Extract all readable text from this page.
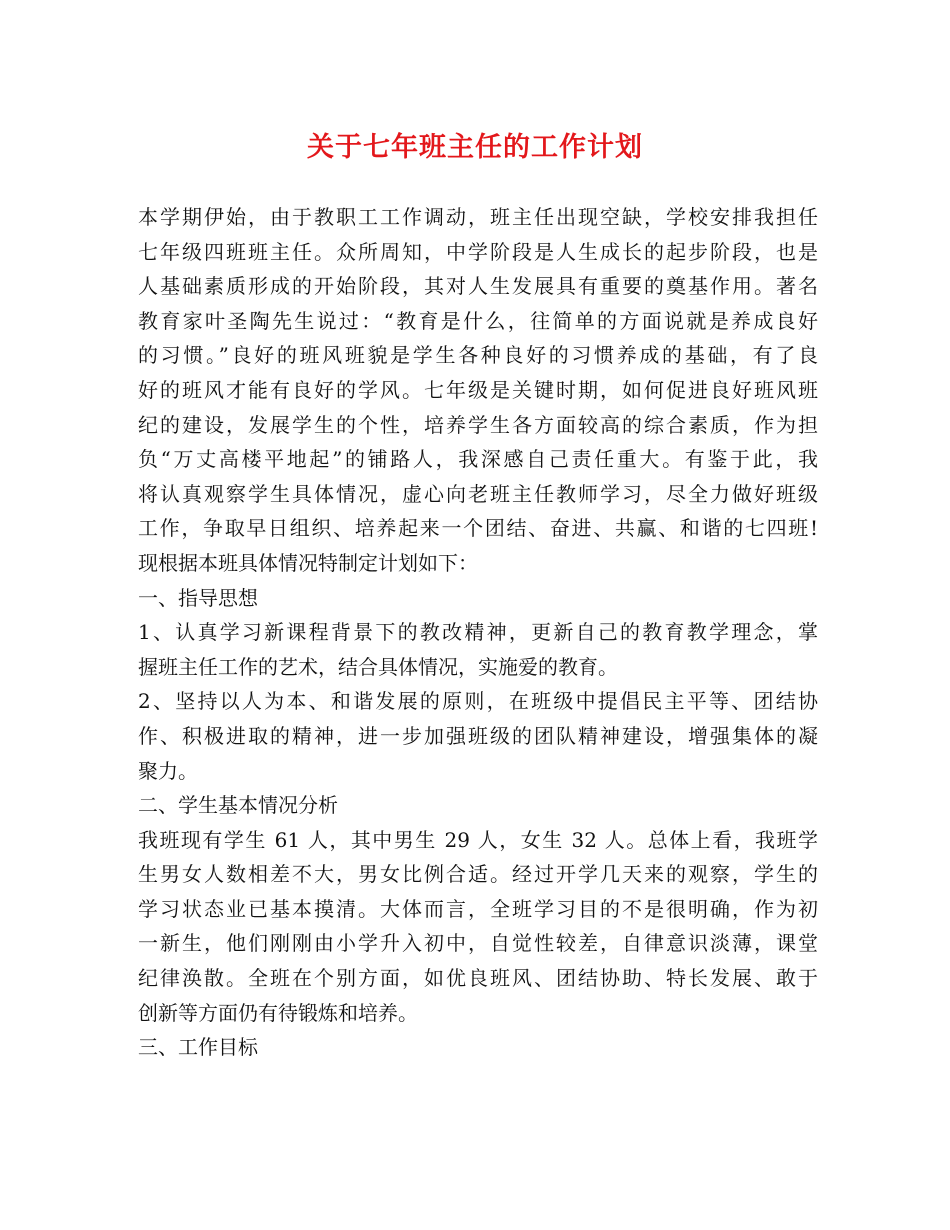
关于七年班主任的工作计划
本学期伊始，由于教职工工作调动，班主任出现空缺，学校安排我担任
七年级四班班主任。众所周知，中学阶段是人生成长的起步阶段，也是
人基础素质形成的开始阶段，其对人生发展具有重要的奠基作用。著名
教育家叶圣陶先生说过：“教育是什么，往简单的方面说就是养成良好
的习惯。”良好的班风班貌是学生各种良好的习惯养成的基础，有了良
好的班风才能有良好的学风。七年级是关键时期，如何促进良好班风班
纪的建设，发展学生的个性，培养学生各方面较高的综合素质，作为担
负“万丈高楼平地起”的铺路人，我深感自己责任重大。有鉴于此，我
将认真观察学生具体情况，虚心向老班主任教师学习，尽全力做好班级
工作，争取早日组织、培养起来一个团结、奋进、共赢、和谐的七四班!
现根据本班具体情况特制定计划如下：
一、指导思想
1、认真学习新课程背景下的教改精神，更新自己的教育教学理念，掌
握班主任工作的艺术，结合具体情况，实施爱的教育。
2、坚持以人为本、和谐发展的原则，在班级中提倡民主平等、团结协
作、积极进取的精神，进一步加强班级的团队精神建设，增强集体的凝
聚力。
二、学生基本情况分析
我班现有学生 61 人，其中男生 29 人，女生 32 人。总体上看，我班学
生男女人数相差不大，男女比例合适。经过开学几天来的观察，学生的
学习状态业已基本摸清。大体而言，全班学习目的不是很明确，作为初
一新生，他们刚刚由小学升入初中，自觉性较差，自律意识淡薄，课堂
纪律涣散。全班在个别方面，如优良班风、团结协助、特长发展、敢于
创新等方面仍有待锻炼和培养。
三、工作目标
